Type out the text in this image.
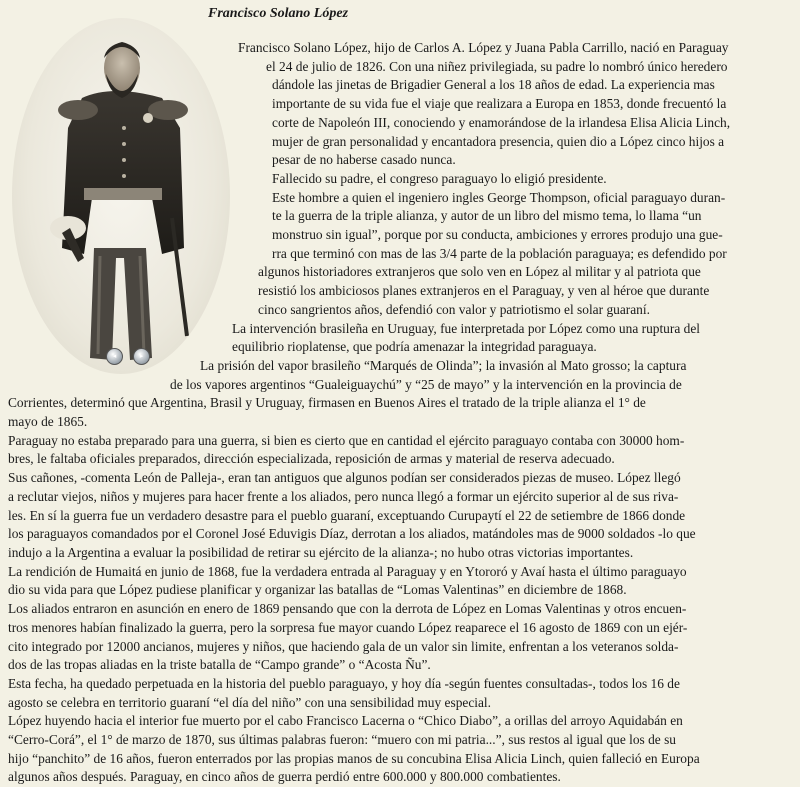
Francisco Solano López
◂	▸
Francisco Solano López, hijo de Carlos A. López y Juana Pabla Carrillo, nació en Paraguay
el 24 de julio de 1826. Con una niñez privilegiada, su padre lo nombró único heredero
dándole las jinetas de Brigadier General a los 18 años de edad. La experiencia mas
importante de su vida fue el viaje que realizara a Europa en 1853, donde frecuentó la
corte de Napoleón III, conociendo y enamorándose de la irlandesa Elisa Alicia Linch,
mujer de gran personalidad y encantadora presencia, quien dio a López cinco hijos a
pesar de no haberse casado nunca.
Fallecido su padre, el congreso paraguayo lo eligió presidente.
Este hombre a quien el ingeniero ingles George Thompson, oficial paraguayo duran-
te la guerra de la triple alianza, y autor de un libro del mismo tema, lo llama “un
monstruo sin igual”, porque por su conducta, ambiciones y errores produjo una gue-
rra que terminó con mas de las 3/4 parte de la población paraguaya; es defendido por
algunos historiadores extranjeros que solo ven en López al militar y al patriota que
resistió los ambiciosos planes extranjeros en el Paraguay, y ven al héroe que durante
cinco sangrientos años, defendió con valor y patriotismo el solar guaraní.
La intervención brasileña en Uruguay, fue interpretada por López como una ruptura del
equilibrio rioplatense, que podría amenazar la integridad paraguaya.
La prisión del vapor brasileño “Marqués de Olinda”; la invasión al Mato grosso; la captura
de los vapores argentinos “Gualeiguaychú” y “25 de mayo” y la intervención en la provincia de
Corrientes, determinó que Argentina, Brasil y Uruguay, firmasen en Buenos Aires el tratado de la triple alianza el 1° de
mayo de 1865.
Paraguay no estaba preparado para una guerra, si bien es cierto que en cantidad el ejército paraguayo contaba con 30000 hom-
bres, le faltaba oficiales preparados, dirección especializada, reposición de armas y material de reserva adecuado.
Sus cañones, -comenta León de Palleja-, eran tan antiguos que algunos podían ser considerados piezas de museo. López llegó
a reclutar viejos, niños y mujeres para hacer frente a los aliados, pero nunca llegó a formar un ejército superior al de sus riva-
les. En sí la guerra fue un verdadero desastre para el pueblo guaraní, exceptuando Curupaytí el 22 de setiembre de 1866 donde
los paraguayos comandados por el Coronel José Eduvigis Díaz, derrotan a los aliados, matándoles mas de 9000 soldados -lo que
indujo a la Argentina a evaluar la posibilidad de retirar su ejército de la alianza-; no hubo otras victorias importantes.
La rendición de Humaitá en junio de 1868, fue la verdadera entrada al Paraguay y en Ytororó y Avaí hasta el último paraguayo
dio su vida para que López pudiese planificar y organizar las batallas de “Lomas Valentinas” en diciembre de 1868.
Los aliados entraron en asunción en enero de 1869 pensando que con la derrota de López en Lomas Valentinas y otros encuen-
tros menores habían finalizado la guerra, pero la sorpresa fue mayor cuando López reaparece el 16 agosto de 1869 con un ejér-
cito integrado por 12000 ancianos, mujeres y niños, que haciendo gala de un valor sin limite, enfrentan a los veteranos solda-
dos de las tropas aliadas en la triste batalla de “Campo grande” o “Acosta Ñu”.
Esta fecha, ha quedado perpetuada en la historia del pueblo paraguayo, y hoy día -según fuentes consultadas-, todos los 16 de
agosto se celebra en territorio guaraní “el día del niño” con una sensibilidad muy especial.
López huyendo hacia el interior fue muerto por el cabo Francisco Lacerna o “Chico Diabo”, a orillas del arroyo Aquidabán en
“Cerro-Corá”, el 1° de marzo de 1870, sus últimas palabras fueron: “muero con mi patria...”, sus restos al igual que los de su
hijo “panchito” de 16 años, fueron enterrados por las propias manos de su concubina Elisa Alicia Linch, quien falleció en Europa
algunos años después. Paraguay, en cinco años de guerra perdió entre 600.000 y 800.000 combatientes.
